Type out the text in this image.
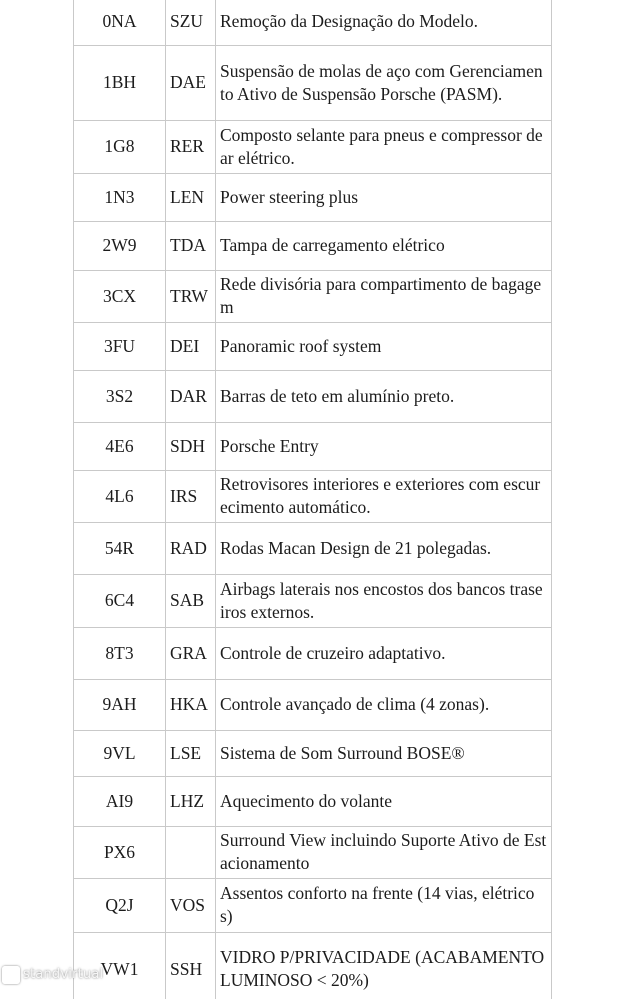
0NA	SZU	Remoção da Designação do Modelo.
1BH	DAE	Suspensão de molas de aço com Gerenciamento Ativo de Suspensão Porsche (PASM).
1G8	RER	Composto selante para pneus e compressor de ar elétrico.
1N3	LEN	Power steering plus
2W9	TDA	Tampa de carregamento elétrico
3CX	TRW	Rede divisória para compartimento de bagagem
3FU	DEI	Panoramic roof system
3S2	DAR	Barras de teto em alumínio preto.
4E6	SDH	Porsche Entry
4L6	IRS	Retrovisores interiores e exteriores com escurecimento automático.
54R	RAD	Rodas Macan Design de 21 polegadas.
6C4	SAB	Airbags laterais nos encostos dos bancos traseiros externos.
8T3	GRA	Controle de cruzeiro adaptativo.
9AH	HKA	Controle avançado de clima (4 zonas).
9VL	LSE	Sistema de Som Surround BOSE®
AI9	LHZ	Aquecimento do volante
PX6		Surround View incluindo Suporte Ativo de Estacionamento
Q2J	VOS	Assentos conforto na frente (14 vias, elétricos)
VW1	SSH	VIDRO P/PRIVACIDADE (ACABAMENTO LUMINOSO < 20%)
standvirtual
